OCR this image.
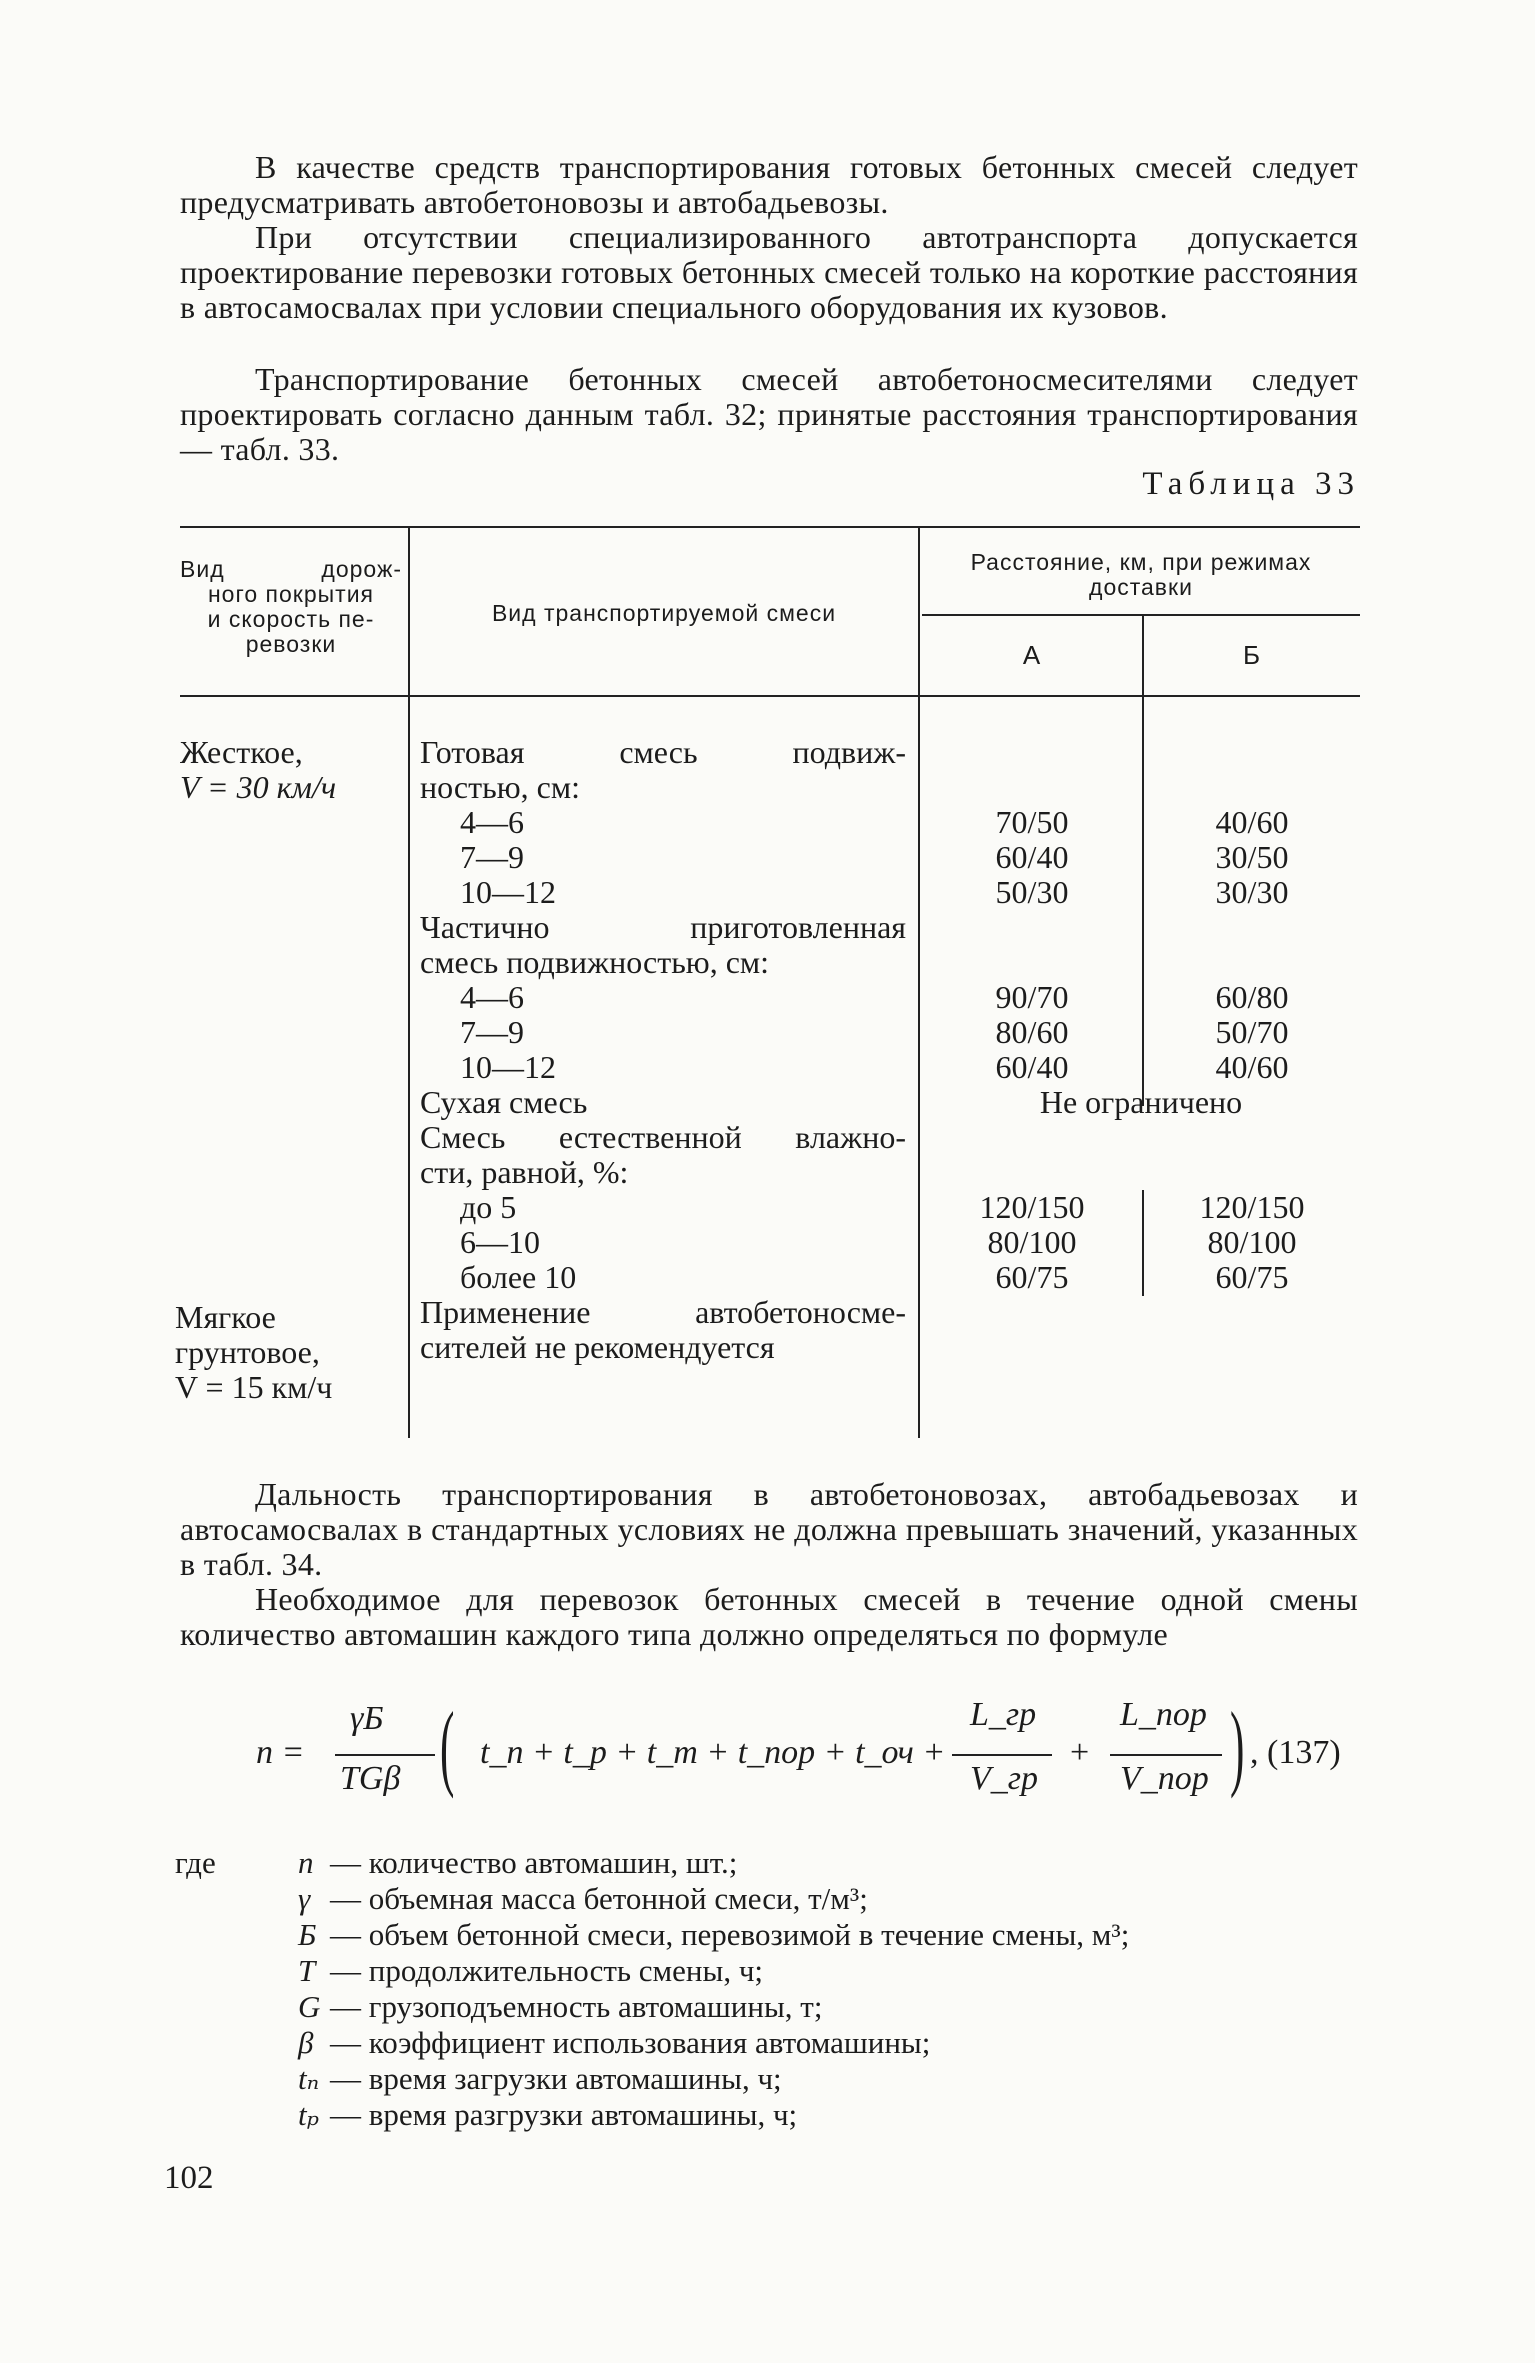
В качестве средств транспортирования готовых бетонных смесей следует предусматривать автобетоновозы и автобадьевозы.

При отсутствии специализированного автотранспорта допускается проектирование перевозки готовых бетонных смесей только на короткие расстояния в автосамосвалах при условии специального оборудования их кузовов.

Транспортирование бетонных смесей автобетоносмесителями следует проектировать согласно данным табл. 32; принятые расстояния транспортирования — табл. 33.

Таблица 33
Вид дорож-
ного покрытия
и скорость пе-
ревозки
Вид транспортируемой смеси
Расстояние, км, при режимах
доставки
А	Б
Жесткое,
V = 30 км/ч
Мягкое
грунтовое,
V = 15 км/ч
Готовая смесь подвиж-
ностью, см:
4—6
7—9
10—12
Частично приготовленная
смесь подвижностью, см:
4—6
7—9
10—12
Сухая смесь
Смесь естественной влажно-
сти, равной, %:
до 5
6—10
более 10
Применение автобетоносме-
сителей не рекомендуется
70/50
60/40
50/30
90/70
80/60
60/40
120/150
80/100
60/75
40/60
30/50
30/30
60/80
50/70
40/60
120/150
80/100
60/75
Не ограничено

Дальность транспортирования в автобетоновозах, автобадьевозах и автосамосвалах в стандартных условиях не должна превышать значений, указанных в табл. 34.

Необходимое для перевозок бетонных смесей в течение одной смены количество автомашин каждого типа должно определяться по формуле

n =
γБ
TGβ ( t_n + t_р + t_m + t_пор + t_оч +
L_гр
V_гр
+
L_пор
V_пор ) , (137)
где	n — количество автомашин, шт.;
γ — объемная масса бетонной смеси, т/м³;
Б — объем бетонной смеси, перевозимой в течение смены, м³;
T — продолжительность смены, ч;
G — грузоподъемность автомашины, т;
β — коэффициент использования автомашины;
tₙ — время загрузки автомашины, ч;
tₚ — время разгрузки автомашины, ч;
102
